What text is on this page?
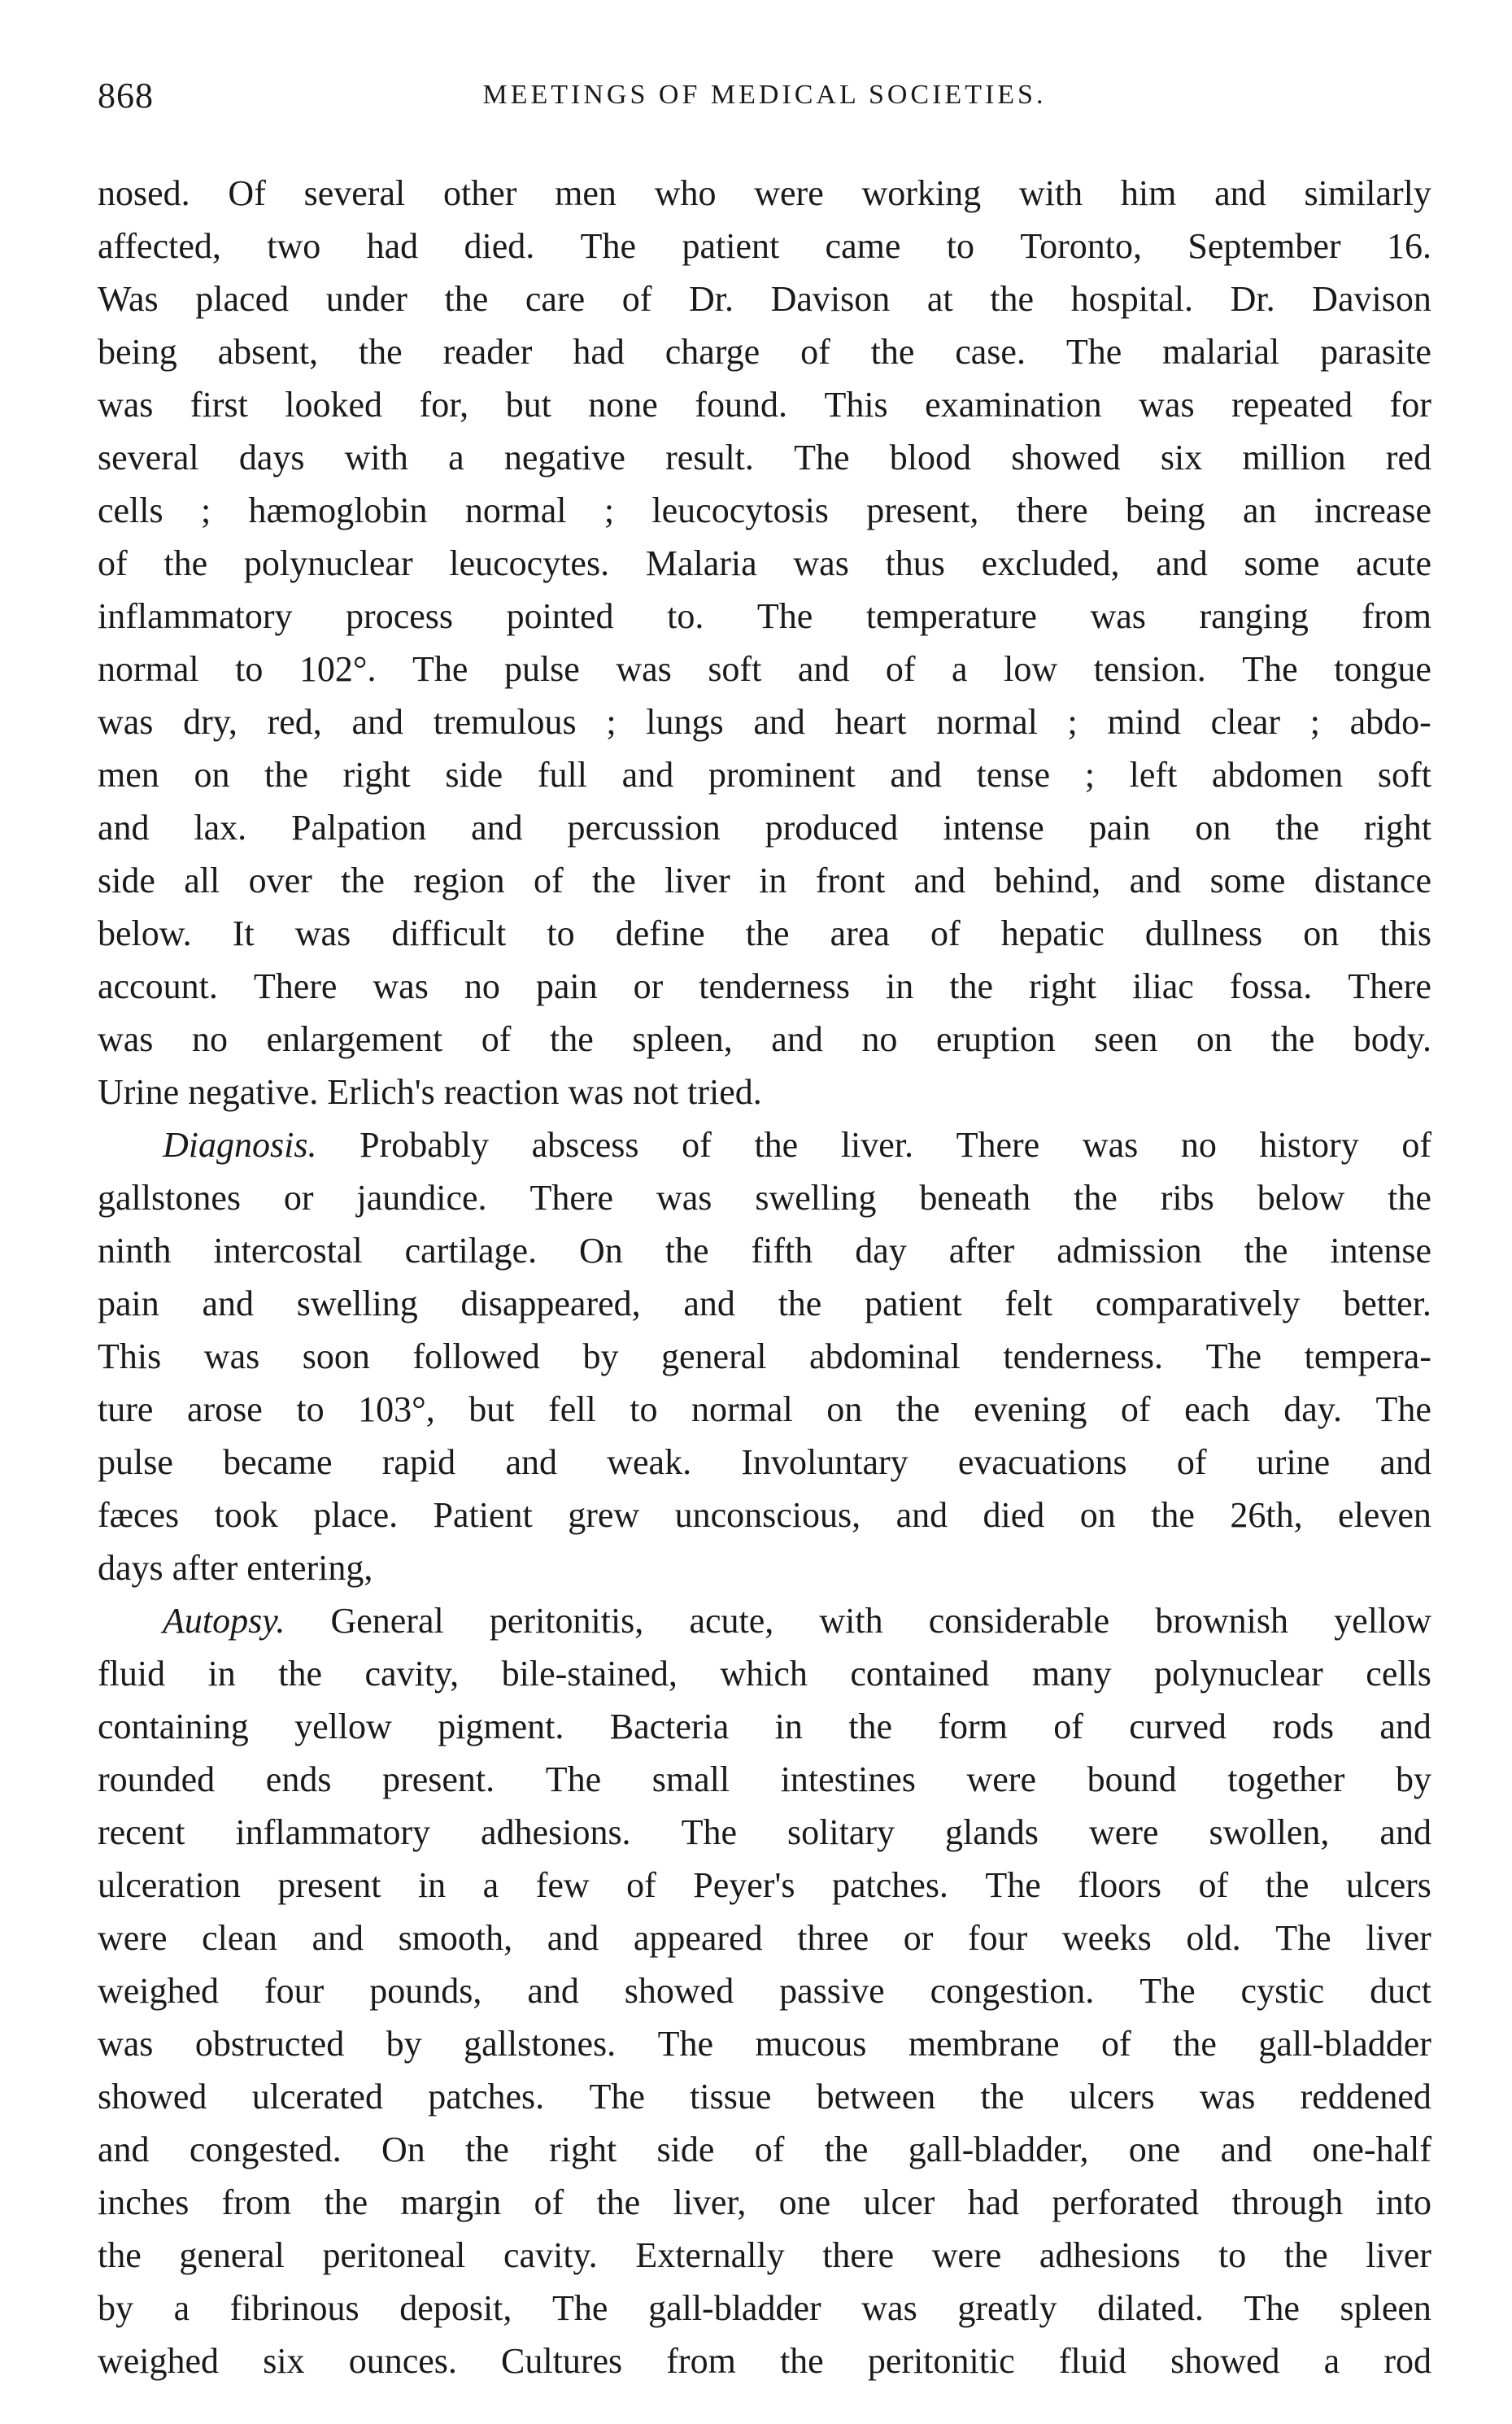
868	MEETINGS OF MEDICAL SOCIETIES.
nosed. Of several other men who were working with him and similarly
affected, two had died. The patient came to Toronto, September 16.
Was placed under the care of Dr. Davison at the hospital. Dr. Davison
being absent, the reader had charge of the case. The malarial parasite
was first looked for, but none found. This examination was repeated for
several days with a negative result. The blood showed six million red
cells ; hæmoglobin normal ; leucocytosis present, there being an increase
of the polynuclear leucocytes. Malaria was thus excluded, and some acute
inflammatory process pointed to. The temperature was ranging from
normal to 102°. The pulse was soft and of a low tension. The tongue
was dry, red, and tremulous ; lungs and heart normal ; mind clear ; abdo-
men on the right side full and prominent and tense ; left abdomen soft
and lax. Palpation and percussion produced intense pain on the right
side all over the region of the liver in front and behind, and some distance
below. It was difficult to define the area of hepatic dullness on this
account. There was no pain or tenderness in the right iliac fossa. There
was no enlargement of the spleen, and no eruption seen on the body.
Urine negative. Erlich's reaction was not tried.
Diagnosis. Probably abscess of the liver. There was no history of
gallstones or jaundice. There was swelling beneath the ribs below the
ninth intercostal cartilage. On the fifth day after admission the intense
pain and swelling disappeared, and the patient felt comparatively better.
This was soon followed by general abdominal tenderness. The tempera-
ture arose to 103°, but fell to normal on the evening of each day. The
pulse became rapid and weak. Involuntary evacuations of urine and
fæces took place. Patient grew unconscious, and died on the 26th, eleven
days after entering,
Autopsy. General peritonitis, acute, with considerable brownish yellow
fluid in the cavity, bile-stained, which contained many polynuclear cells
containing yellow pigment. Bacteria in the form of curved rods and
rounded ends present. The small intestines were bound together by
recent inflammatory adhesions. The solitary glands were swollen, and
ulceration present in a few of Peyer's patches. The floors of the ulcers
were clean and smooth, and appeared three or four weeks old. The liver
weighed four pounds, and showed passive congestion. The cystic duct
was obstructed by gallstones. The mucous membrane of the gall-bladder
showed ulcerated patches. The tissue between the ulcers was reddened
and congested. On the right side of the gall-bladder, one and one-half
inches from the margin of the liver, one ulcer had perforated through into
the general peritoneal cavity. Externally there were adhesions to the liver
by a fibrinous deposit, The gall-bladder was greatly dilated. The spleen
weighed six ounces. Cultures from the peritonitic fluid showed a rod
